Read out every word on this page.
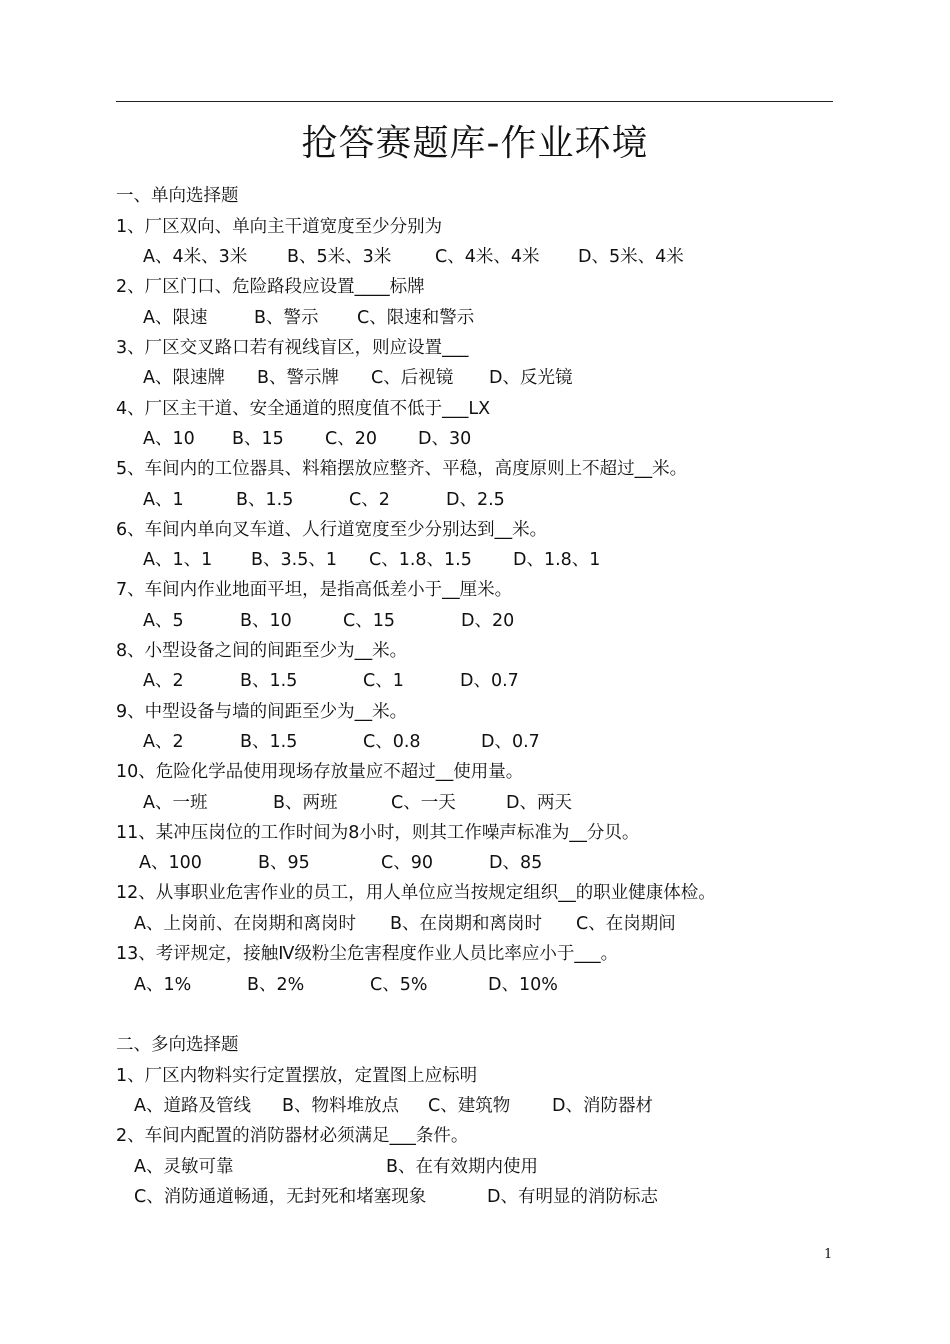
抢答赛题库-作业环境
一、单向选择题
1、厂区双向、单向主干道宽度至少分别为

A、4米、3米

B、5米、3米

C、4米、4米

D、5米、4米

2、厂区门口、危险路段应设置____标牌

A、限速

	B、警示

C、限速和警示

3、厂区交叉路口若有视线盲区，则应设置___

A、限速牌

B、警示牌

C、后视镜

D、反光镜

4、厂区主干道、安全通道的照度值不低于___LX

A、10

B、15

C、20

D、30

5、车间内的工位器具、料箱摆放应整齐、平稳，高度原则上不超过__米。

A、1

	B、1.5

	C、2

	D、2.5

6、车间内单向叉车道、人行道宽度至少分别达到__米。

A、1、1

B、3.5、1

C、1.8、1.5

D、1.8、1

7、车间内作业地面平坦，是指高低差小于__厘米。

A、5

	B、10

	C、15

	D、20

8、小型设备之间的间距至少为__米。

A、2

	B、1.5

	C、1

	D、0.7

9、中型设备与墙的间距至少为__米。

A、2

	B、1.5

	C、0.8

	D、0.7

10、危险化学品使用现场存放量应不超过__使用量。

A、一班

	B、两班

	C、一天

	D、两天

11、某冲压岗位的工作时间为8小时，则其工作噪声标准为__分贝。

A、100

	B、95

	C、90

	D、85

12、从事职业危害作业的员工，用人单位应当按规定组织__的职业健康体检。

A、上岗前、在岗期和离岗时

B、在岗期和离岗时

C、在岗期间

13、考评规定，接触Ⅳ级粉尘危害程度作业人员比率应小于___。

A、1%

	B、2%

	C、5%

	D、10%

二、多向选择题
1、厂区内物料实行定置摆放，定置图上应标明

A、道路及管线

B、物料堆放点

C、建筑物

D、消防器材

2、车间内配置的消防器材必须满足___条件。

A、灵敏可靠

	B、在有效期内使用

C、消防通道畅通，无封死和堵塞现象

	D、有明显的消防标志

1
